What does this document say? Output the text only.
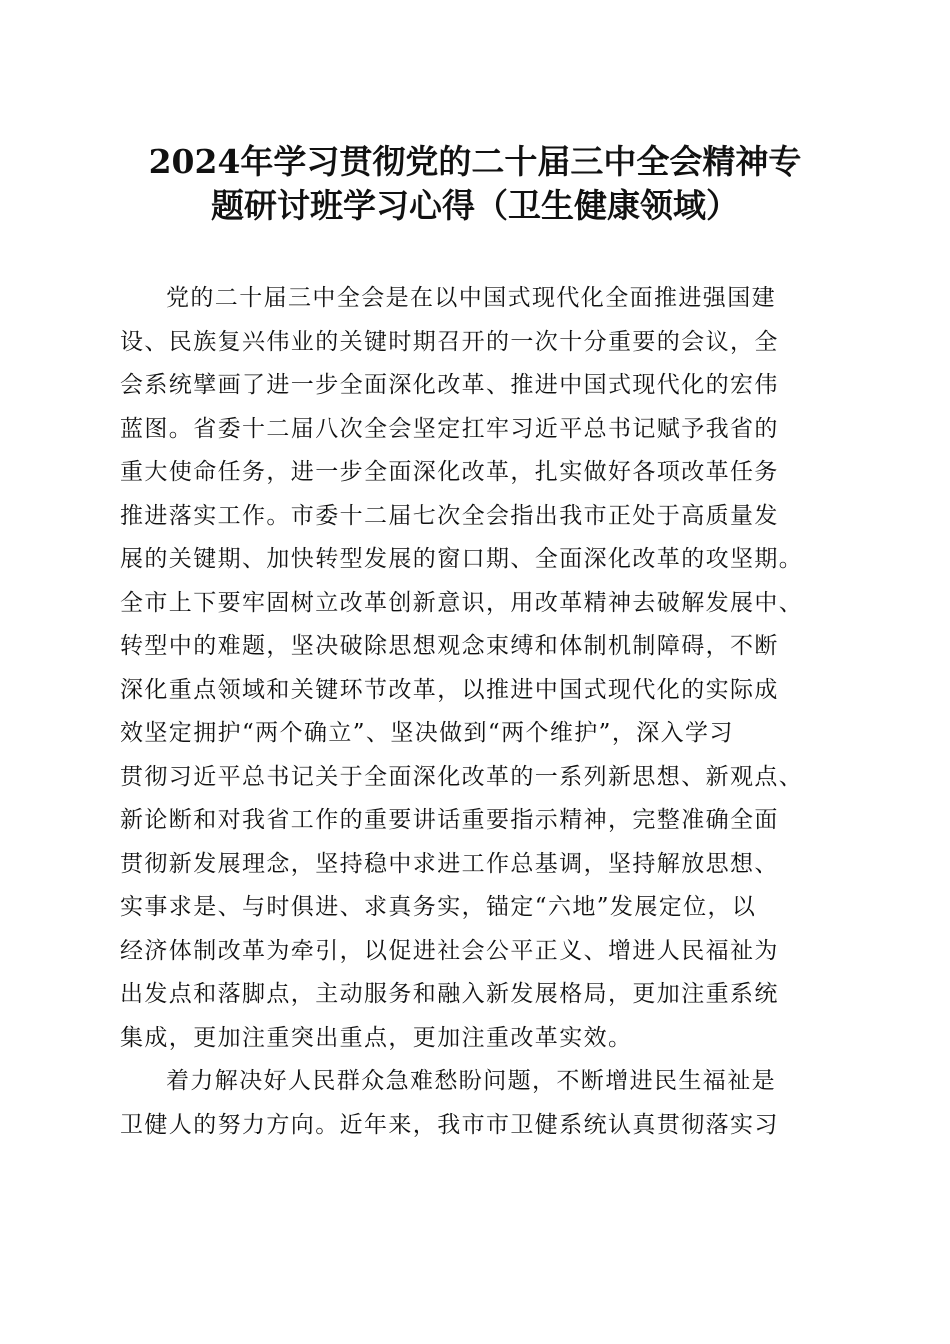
2024年学习贯彻党的二十届三中全会精神专
题研讨班学习心得（卫生健康领域）
党的二十届三中全会是在以中国式现代化全面推进强国建
设、民族复兴伟业的关键时期召开的一次十分重要的会议，全
会系统擘画了进一步全面深化改革、推进中国式现代化的宏伟
蓝图。省委十二届八次全会坚定扛牢习近平总书记赋予我省的
重大使命任务，进一步全面深化改革，扎实做好各项改革任务
推进落实工作。市委十二届七次全会指出我市正处于高质量发
展的关键期、加快转型发展的窗口期、全面深化改革的攻坚期。
全市上下要牢固树立改革创新意识，用改革精神去破解发展中、
转型中的难题，坚决破除思想观念束缚和体制机制障碍，不断
深化重点领域和关键环节改革，以推进中国式现代化的实际成
效坚定拥护“两个确立”、坚决做到“两个维护”，深入学习
贯彻习近平总书记关于全面深化改革的一系列新思想、新观点、
新论断和对我省工作的重要讲话重要指示精神，完整准确全面
贯彻新发展理念，坚持稳中求进工作总基调，坚持解放思想、
实事求是、与时俱进、求真务实，锚定“六地”发展定位，以
经济体制改革为牵引，以促进社会公平正义、增进人民福祉为
出发点和落脚点，主动服务和融入新发展格局，更加注重系统
集成，更加注重突出重点，更加注重改革实效。
着力解决好人民群众急难愁盼问题，不断增进民生福祉是
卫健人的努力方向。近年来，我市市卫健系统认真贯彻落实习
